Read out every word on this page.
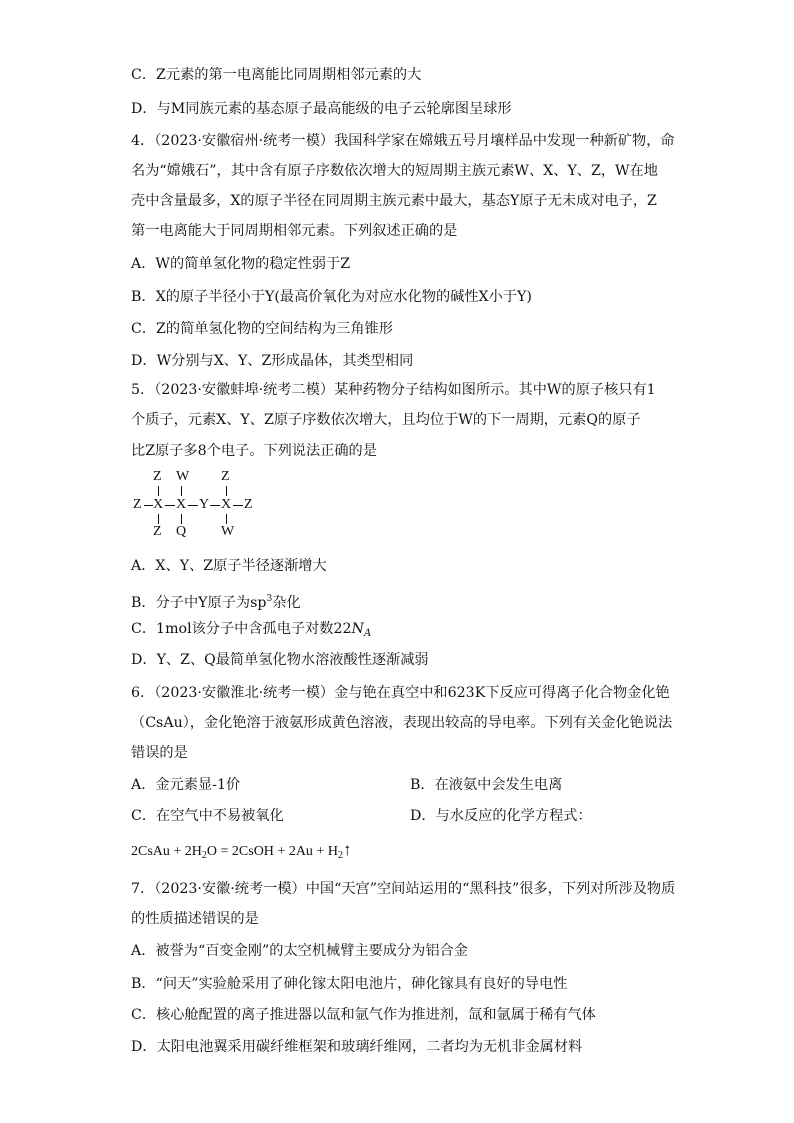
C．Z元素的第一电离能比同周期相邻元素的大
D．与M同族元素的基态原子最高能级的电子云轮廓图呈球形
4．（2023·安徽宿州·统考一模）我国科学家在嫦娥五号月壤样品中发现一种新矿物，命
名为“嫦娥石”，其中含有原子序数依次增大的短周期主族元素W、X、Y、Z，W在地
壳中含量最多，X的原子半径在同周期主族元素中最大，基态Y原子无未成对电子，Z
第一电离能大于同周期相邻元素。下列叙述正确的是
A．W的简单氢化物的稳定性弱于Z
B．X的原子半径小于Y(最高价氧化为对应水化物的碱性X小于Y)
C．Z的简单氢化物的空间结构为三角锥形
D．W分别与X、Y、Z形成晶体，其类型相同
5．（2023·安徽蚌埠·统考二模）某种药物分子结构如图所示。其中W的原子核只有1
个质子，元素X、Y、Z原子序数依次增大，且均位于W的下一周期，元素Q的原子
比Z原子多8个电子。下列说法正确的是
Z W Z
Z X X Y X Z
Z Q W
A．X、Y、Z原子半径逐渐增大
B．分子中Y原子为$sp^3$杂化
C．1mol该分子中含孤电子对数$22N_A$
D．Y、Z、Q最简单氢化物水溶液酸性逐渐减弱
6．（2023·安徽淮北·统考一模）金与铯在真空中和623K下反应可得离子化合物金化铯
（CsAu），金化铯溶于液氨形成黄色溶液，表现出较高的导电率。下列有关金化铯说法
错误的是
A．金元素显-1价	B．在液氨中会发生电离
C．在空气中不易被氧化	D．与水反应的化学方程式：
2CsAu + $2H_2O$ = 2CsOH + $2Au + H_2↑$
7．（2023·安徽·统考一模）中国“天宫”空间站运用的“黑科技”很多，下列对所涉及物质
的性质描述错误的是
A．被誉为“百变金刚”的太空机械臂主要成分为铝合金
B．“问天”实验舱采用了砷化镓太阳电池片，砷化镓具有良好的导电性
C．核心舱配置的离子推进器以氙和氩气作为推进剂，氙和氩属于稀有气体
D．太阳电池翼采用碳纤维框架和玻璃纤维网，二者均为无机非金属材料
